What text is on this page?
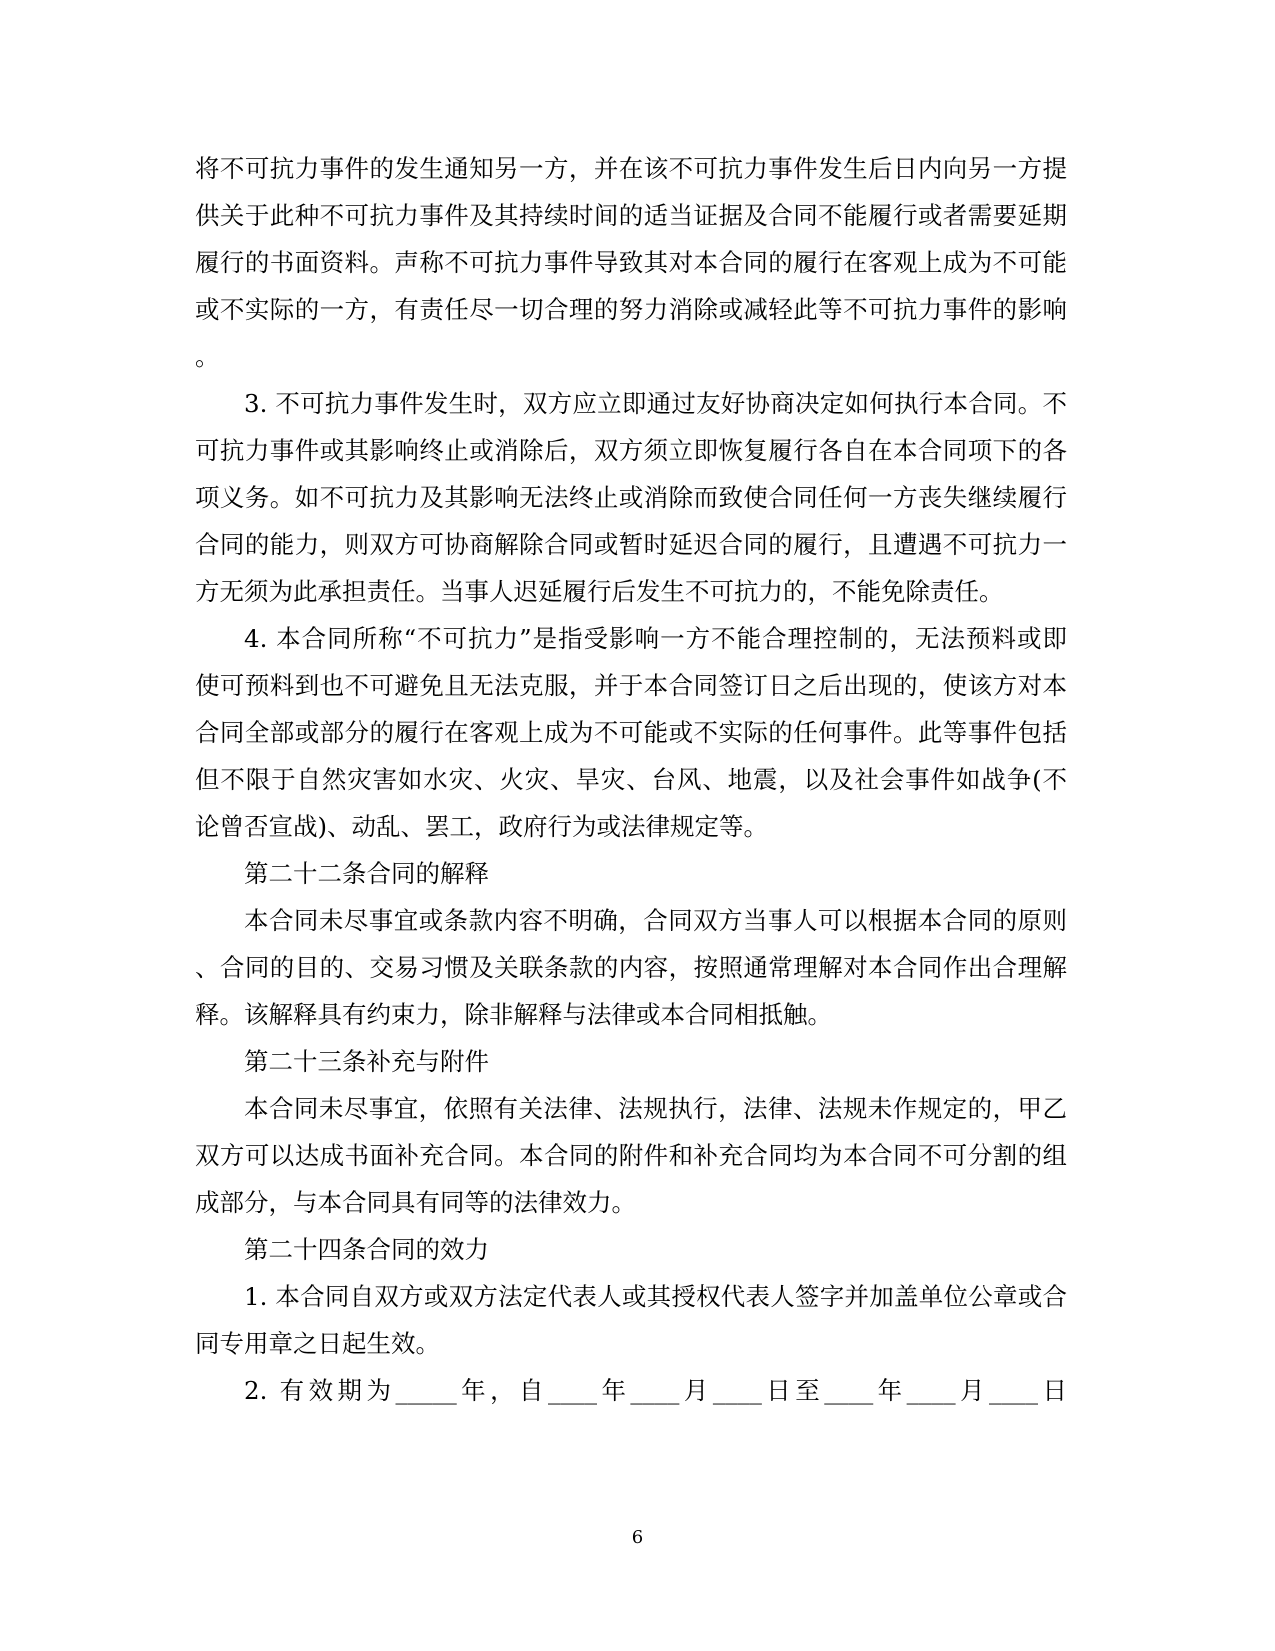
将不可抗力事件的发生通知另一方，并在该不可抗力事件发生后日内向另一方提
供关于此种不可抗力事件及其持续时间的适当证据及合同不能履行或者需要延期
履行的书面资料。声称不可抗力事件导致其对本合同的履行在客观上成为不可能
或不实际的一方，有责任尽一切合理的努力消除或减轻此等不可抗力事件的影响
。
3. 不可抗力事件发生时，双方应立即通过友好协商决定如何执行本合同。不
可抗力事件或其影响终止或消除后，双方须立即恢复履行各自在本合同项下的各
项义务。如不可抗力及其影响无法终止或消除而致使合同任何一方丧失继续履行
合同的能力，则双方可协商解除合同或暂时延迟合同的履行，且遭遇不可抗力一
方无须为此承担责任。当事人迟延履行后发生不可抗力的，不能免除责任。
4. 本合同所称“不可抗力”是指受影响一方不能合理控制的，无法预料或即
使可预料到也不可避免且无法克服，并于本合同签订日之后出现的，使该方对本
合同全部或部分的履行在客观上成为不可能或不实际的任何事件。此等事件包括
但不限于自然灾害如水灾、火灾、旱灾、台风、地震，以及社会事件如战争(不
论曾否宣战)、动乱、罢工，政府行为或法律规定等。
第二十二条合同的解释
本合同未尽事宜或条款内容不明确，合同双方当事人可以根据本合同的原则
、合同的目的、交易习惯及关联条款的内容，按照通常理解对本合同作出合理解
释。该解释具有约束力，除非解释与法律或本合同相抵触。
第二十三条补充与附件
本合同未尽事宜，依照有关法律、法规执行，法律、法规未作规定的，甲乙
双方可以达成书面补充合同。本合同的附件和补充合同均为本合同不可分割的组
成部分，与本合同具有同等的法律效力。
第二十四条合同的效力
1. 本合同自双方或双方法定代表人或其授权代表人签字并加盖单位公章或合
同专用章之日起生效。
2. 有效期为_____年，自____年____月____日至____年____月____日
6
